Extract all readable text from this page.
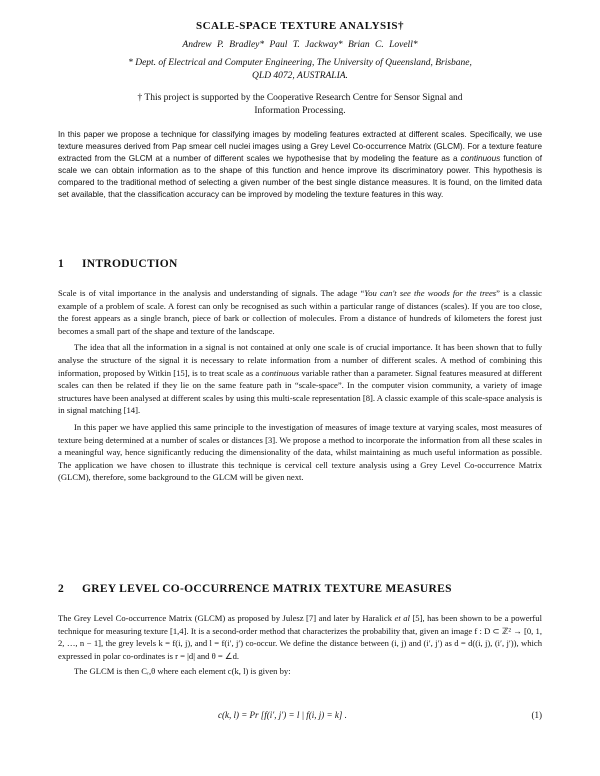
SCALE-SPACE TEXTURE ANALYSIS†
Andrew P. Bradley* Paul T. Jackway* Brian C. Lovell*
* Dept. of Electrical and Computer Engineering, The University of Queensland, Brisbane,
QLD 4072, AUSTRALIA.
† This project is supported by the Cooperative Research Centre for Sensor Signal and
Information Processing.
In this paper we propose a technique for classifying images by modeling features extracted at different scales. Specifically, we use texture measures derived from Pap smear cell nuclei images using a Grey Level Co-occurrence Matrix (GLCM). For a texture feature extracted from the GLCM at a number of different scales we hypothesise that by modeling the feature as a continuous function of scale we can obtain information as to the shape of this function and hence improve its discriminatory power. This hypothesis is compared to the traditional method of selecting a given number of the best single distance measures. It is found, on the limited data set available, that the classification accuracy can be improved by modeling the texture features in this way.
1 INTRODUCTION

Scale is of vital importance in the analysis and understanding of signals. The adage “You can't see the woods for the trees” is a classic example of a problem of scale. A forest can only be recognised as such within a particular range of distances (scales). If you are too close, the forest appears as a single branch, piece of bark or collection of molecules. From a distance of hundreds of kilometers the forest just becomes a small part of the shape and texture of the landscape.

The idea that all the information in a signal is not contained at only one scale is of crucial importance. It has been shown that to fully analyse the structure of the signal it is necessary to relate information from a number of different scales. A method of combining this information, proposed by Witkin [15], is to treat scale as a continuous variable rather than a parameter. Signal features measured at different scales can then be related if they lie on the same feature path in “scale-space”. In the computer vision community, a variety of image structures have been analysed at different scales by using this multi-scale representation [8]. A classic example of this scale-space analysis is in signal matching [14].

In this paper we have applied this same principle to the investigation of measures of image texture at varying scales, most measures of texture being determined at a number of scales or distances [3]. We propose a method to incorporate the information from all these scales in a meaningful way, hence significantly reducing the dimensionality of the data, whilst maintaining as much useful information as possible. The application we have chosen to illustrate this technique is cervical cell texture analysis using a Grey Level Co-occurrence Matrix (GLCM), therefore, some background to the GLCM will be given next.

2 GREY LEVEL CO-OCCURRENCE MATRIX TEXTURE MEASURES

The Grey Level Co-occurrence Matrix (GLCM) as proposed by Julesz [7] and later by Haralick et al [5], has been shown to be a powerful technique for measuring texture [1,4]. It is a second-order method that characterizes the probability that, given an image f : D ⊂ ℤ² → [0, 1, 2, …, n − 1], the grey levels k = f(i, j), and l = f(i′, j′) co-occur. We define the distance between (i, j) and (i′, j′) as d = d((i, j), (i′, j′)), which expressed in polar co-ordinates is r = |d| and θ = ∠d.

The GLCM is then Cᵣ,θ where each element c(k, l) is given by:

c(k, l) = Pr [f(i′, j′) = l | f(i, j) = k] .	(1)
